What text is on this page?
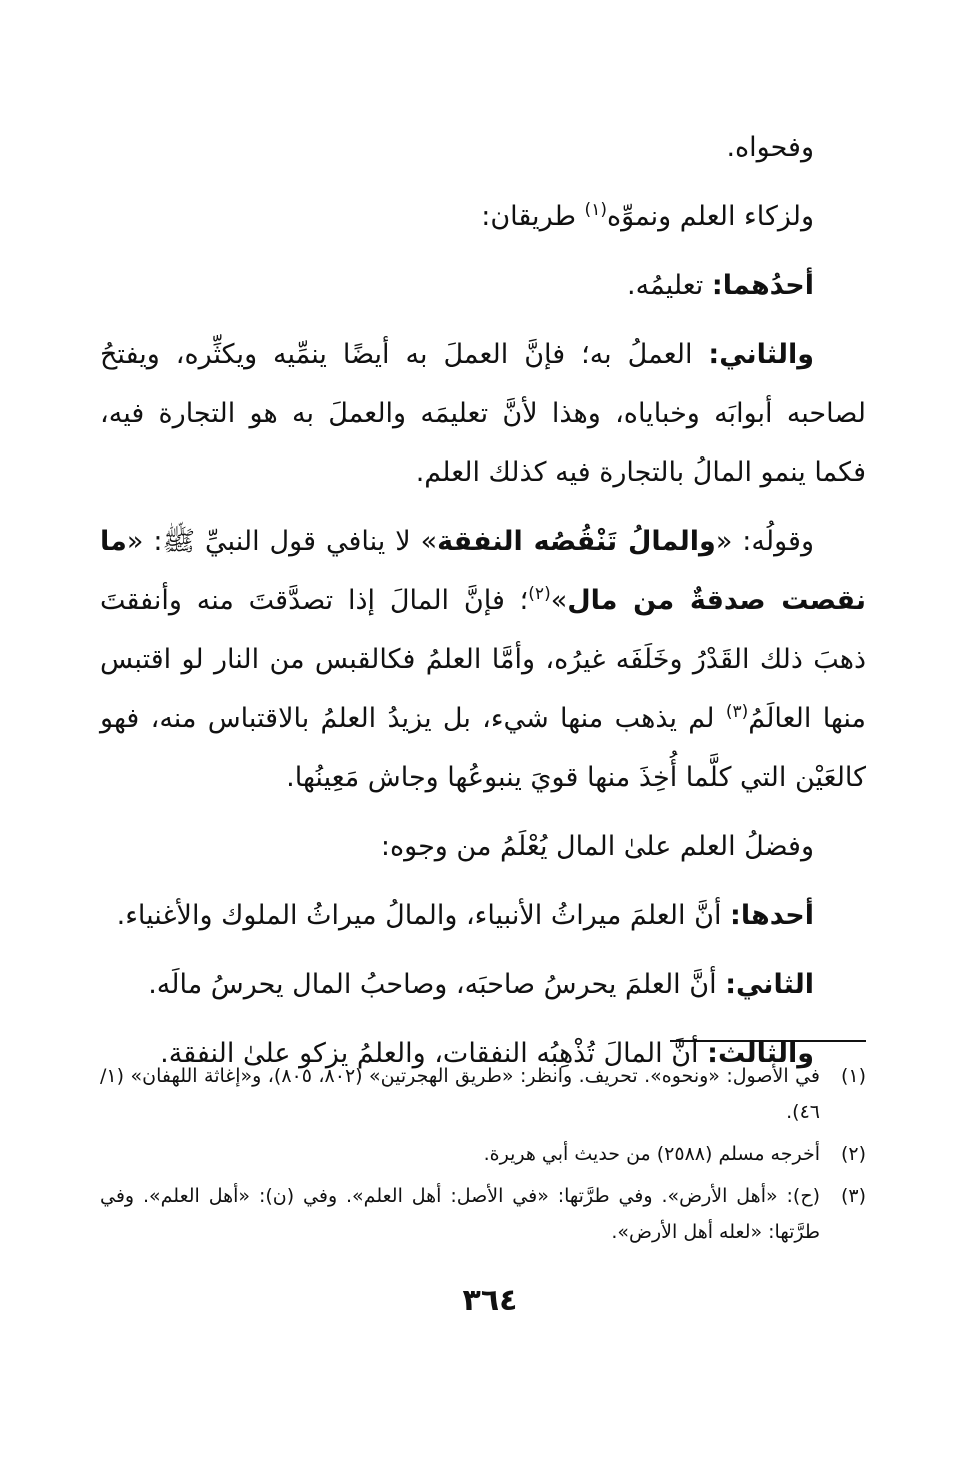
وفحواه.

ولزكاء العلم ونموِّه$^{(١)}$ طريقان:

أحدُهما: تعليمُه.

والثاني: العملُ به؛ فإنَّ العملَ به أيضًا ينمِّيه ويكثِّره، ويفتحُ لصاحبه أبوابَه وخباياه، وهذا لأنَّ تعليمَه والعملَ به هو التجارة فيه، فكما ينمو المالُ بالتجارة فيه كذلك العلم.

وقولُه: «والمالُ تَنْقُصُه النفقة» لا ينافي قول النبيِّ ﷺ: «ما نقصت صدقةٌ من مال»$^{(٢)}$؛ فإنَّ المالَ إذا تصدَّقتَ منه وأنفقتَ ذهبَ ذلك القَدْرُ وخَلَفَه غيرُه، وأمَّا العلمُ فكالقبس من النار لو اقتبس منها العالَمُ$^{(٣)}$ لم يذهب منها شيء، بل يزيدُ العلمُ بالاقتباس منه، فهو كالعَيْن التي كلَّما أُخِذَ منها قويَ ينبوعُها وجاش مَعِينُها.

وفضلُ العلم علىٰ المال يُعْلَمُ من وجوه:

أحدها: أنَّ العلمَ ميراثُ الأنبياء، والمالُ ميراثُ الملوك والأغنياء.

الثاني: أنَّ العلمَ يحرسُ صاحبَه، وصاحبُ المال يحرسُ مالَه.

والثالث: أنَّ المالَ تُذْهِبُه النفقات، والعلمُ يزكو علىٰ النفقة.

(١)
في الأصول: «ونحوه». تحريف. وانظر: «طريق الهجرتين» (٨٠٢، ٨٠٥)، و«إغاثة اللهفان» (١/ ٤٦).
(٢)
أخرجه مسلم (٢٥٨٨) من حديث أبي هريرة.
(٣)
(ح): «أهل الأرض». وفي طرَّتها: «في الأصل: أهل العلم». وفي (ن): «أهل العلم». وفي طرَّتها: «لعله أهل الأرض».
٣٦٤
